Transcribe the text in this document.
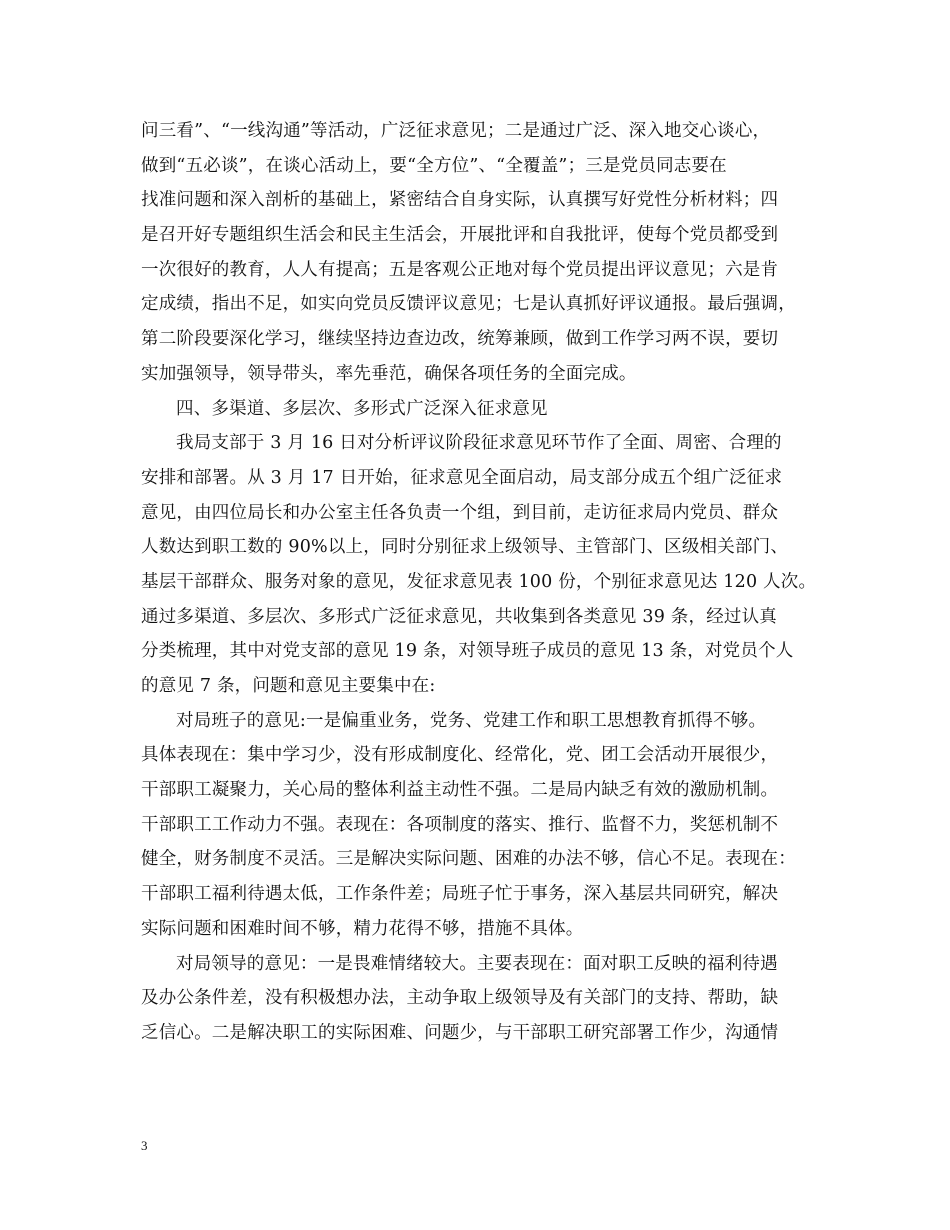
问三看”、“一线沟通”等活动，广泛征求意见；二是通过广泛、深入地交心谈心，
做到“五必谈”，在谈心活动上，要“全方位”、“全覆盖”；三是党员同志要在
找准问题和深入剖析的基础上，紧密结合自身实际，认真撰写好党性分析材料；四
是召开好专题组织生活会和民主生活会，开展批评和自我批评，使每个党员都受到
一次很好的教育，人人有提高；五是客观公正地对每个党员提出评议意见；六是肯
定成绩，指出不足，如实向党员反馈评议意见；七是认真抓好评议通报。最后强调，
第二阶段要深化学习，继续坚持边查边改，统筹兼顾，做到工作学习两不误，要切
实加强领导，领导带头，率先垂范，确保各项任务的全面完成。
四、多渠道、多层次、多形式广泛深入征求意见
我局支部于 3 月 16 日对分析评议阶段征求意见环节作了全面、周密、合理的
安排和部署。从 3 月 17 日开始，征求意见全面启动，局支部分成五个组广泛征求
意见，由四位局长和办公室主任各负责一个组，到目前，走访征求局内党员、群众
人数达到职工数的 90%以上，同时分别征求上级领导、主管部门、区级相关部门、
基层干部群众、服务对象的意见，发征求意见表 100 份，个别征求意见达 120 人次。
通过多渠道、多层次、多形式广泛征求意见，共收集到各类意见 39 条，经过认真
分类梳理，其中对党支部的意见 19 条，对领导班子成员的意见 13 条，对党员个人
的意见 7 条，问题和意见主要集中在:
对局班子的意见:一是偏重业务，党务、党建工作和职工思想教育抓得不够。
具体表现在：集中学习少，没有形成制度化、经常化，党、团工会活动开展很少，
干部职工凝聚力，关心局的整体利益主动性不强。二是局内缺乏有效的激励机制。
干部职工工作动力不强。表现在：各项制度的落实、推行、监督不力，奖惩机制不
健全，财务制度不灵活。三是解决实际问题、困难的办法不够，信心不足。表现在：
干部职工福利待遇太低，工作条件差；局班子忙于事务，深入基层共同研究，解决
实际问题和困难时间不够，精力花得不够，措施不具体。
对局领导的意见：一是畏难情绪较大。主要表现在：面对职工反映的福利待遇
及办公条件差，没有积极想办法，主动争取上级领导及有关部门的支持、帮助，缺
乏信心。二是解决职工的实际困难、问题少，与干部职工研究部署工作少，沟通情
3
